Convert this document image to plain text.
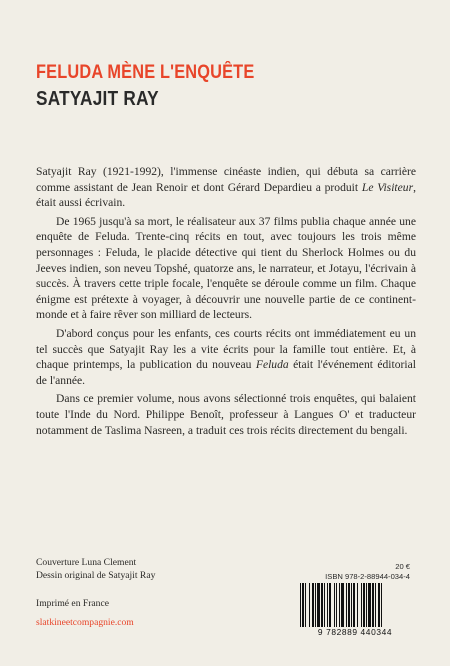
FELUDA MÈNE L'ENQUÊTE
SATYAJIT RAY

Satyajit Ray (1921-1992), l'immense cinéaste indien, qui débuta sa carrière comme assistant de Jean Renoir et dont Gérard Depardieu a produit Le Visiteur, était aussi écrivain.

De 1965 jusqu'à sa mort, le réalisateur aux 37 films publia chaque année une enquête de Feluda. Trente-cinq récits en tout, avec toujours les trois même personnages : Feluda, le placide détective qui tient du Sherlock Holmes ou du Jeeves indien, son neveu Topshé, quatorze ans, le narrateur, et Jotayu, l'écrivain à succès. À travers cette triple focale, l'enquête se déroule comme un film. Chaque énigme est prétexte à voyager, à découvrir une nouvelle partie de ce continent-monde et à faire rêver son milliard de lecteurs.

D'abord conçus pour les enfants, ces courts récits ont immédiatement eu un tel succès que Satyajit Ray les a vite écrits pour la famille tout entière. Et, à chaque printemps, la publication du nouveau Feluda était l'événement éditorial de l'année.

Dans ce premier volume, nous avons sélectionné trois enquêtes, qui balaient toute l'Inde du Nord. Philippe Benoît, professeur à Langues O' et traducteur notamment de Taslima Nasreen, a traduit ces trois récits directement du bengali.

Couverture Luna Clement
Dessin original de Satyajit Ray
Imprimé en France
slatkineetcompagnie.com
20 €
ISBN 978-2-88944-034-4
9 782889 440344
